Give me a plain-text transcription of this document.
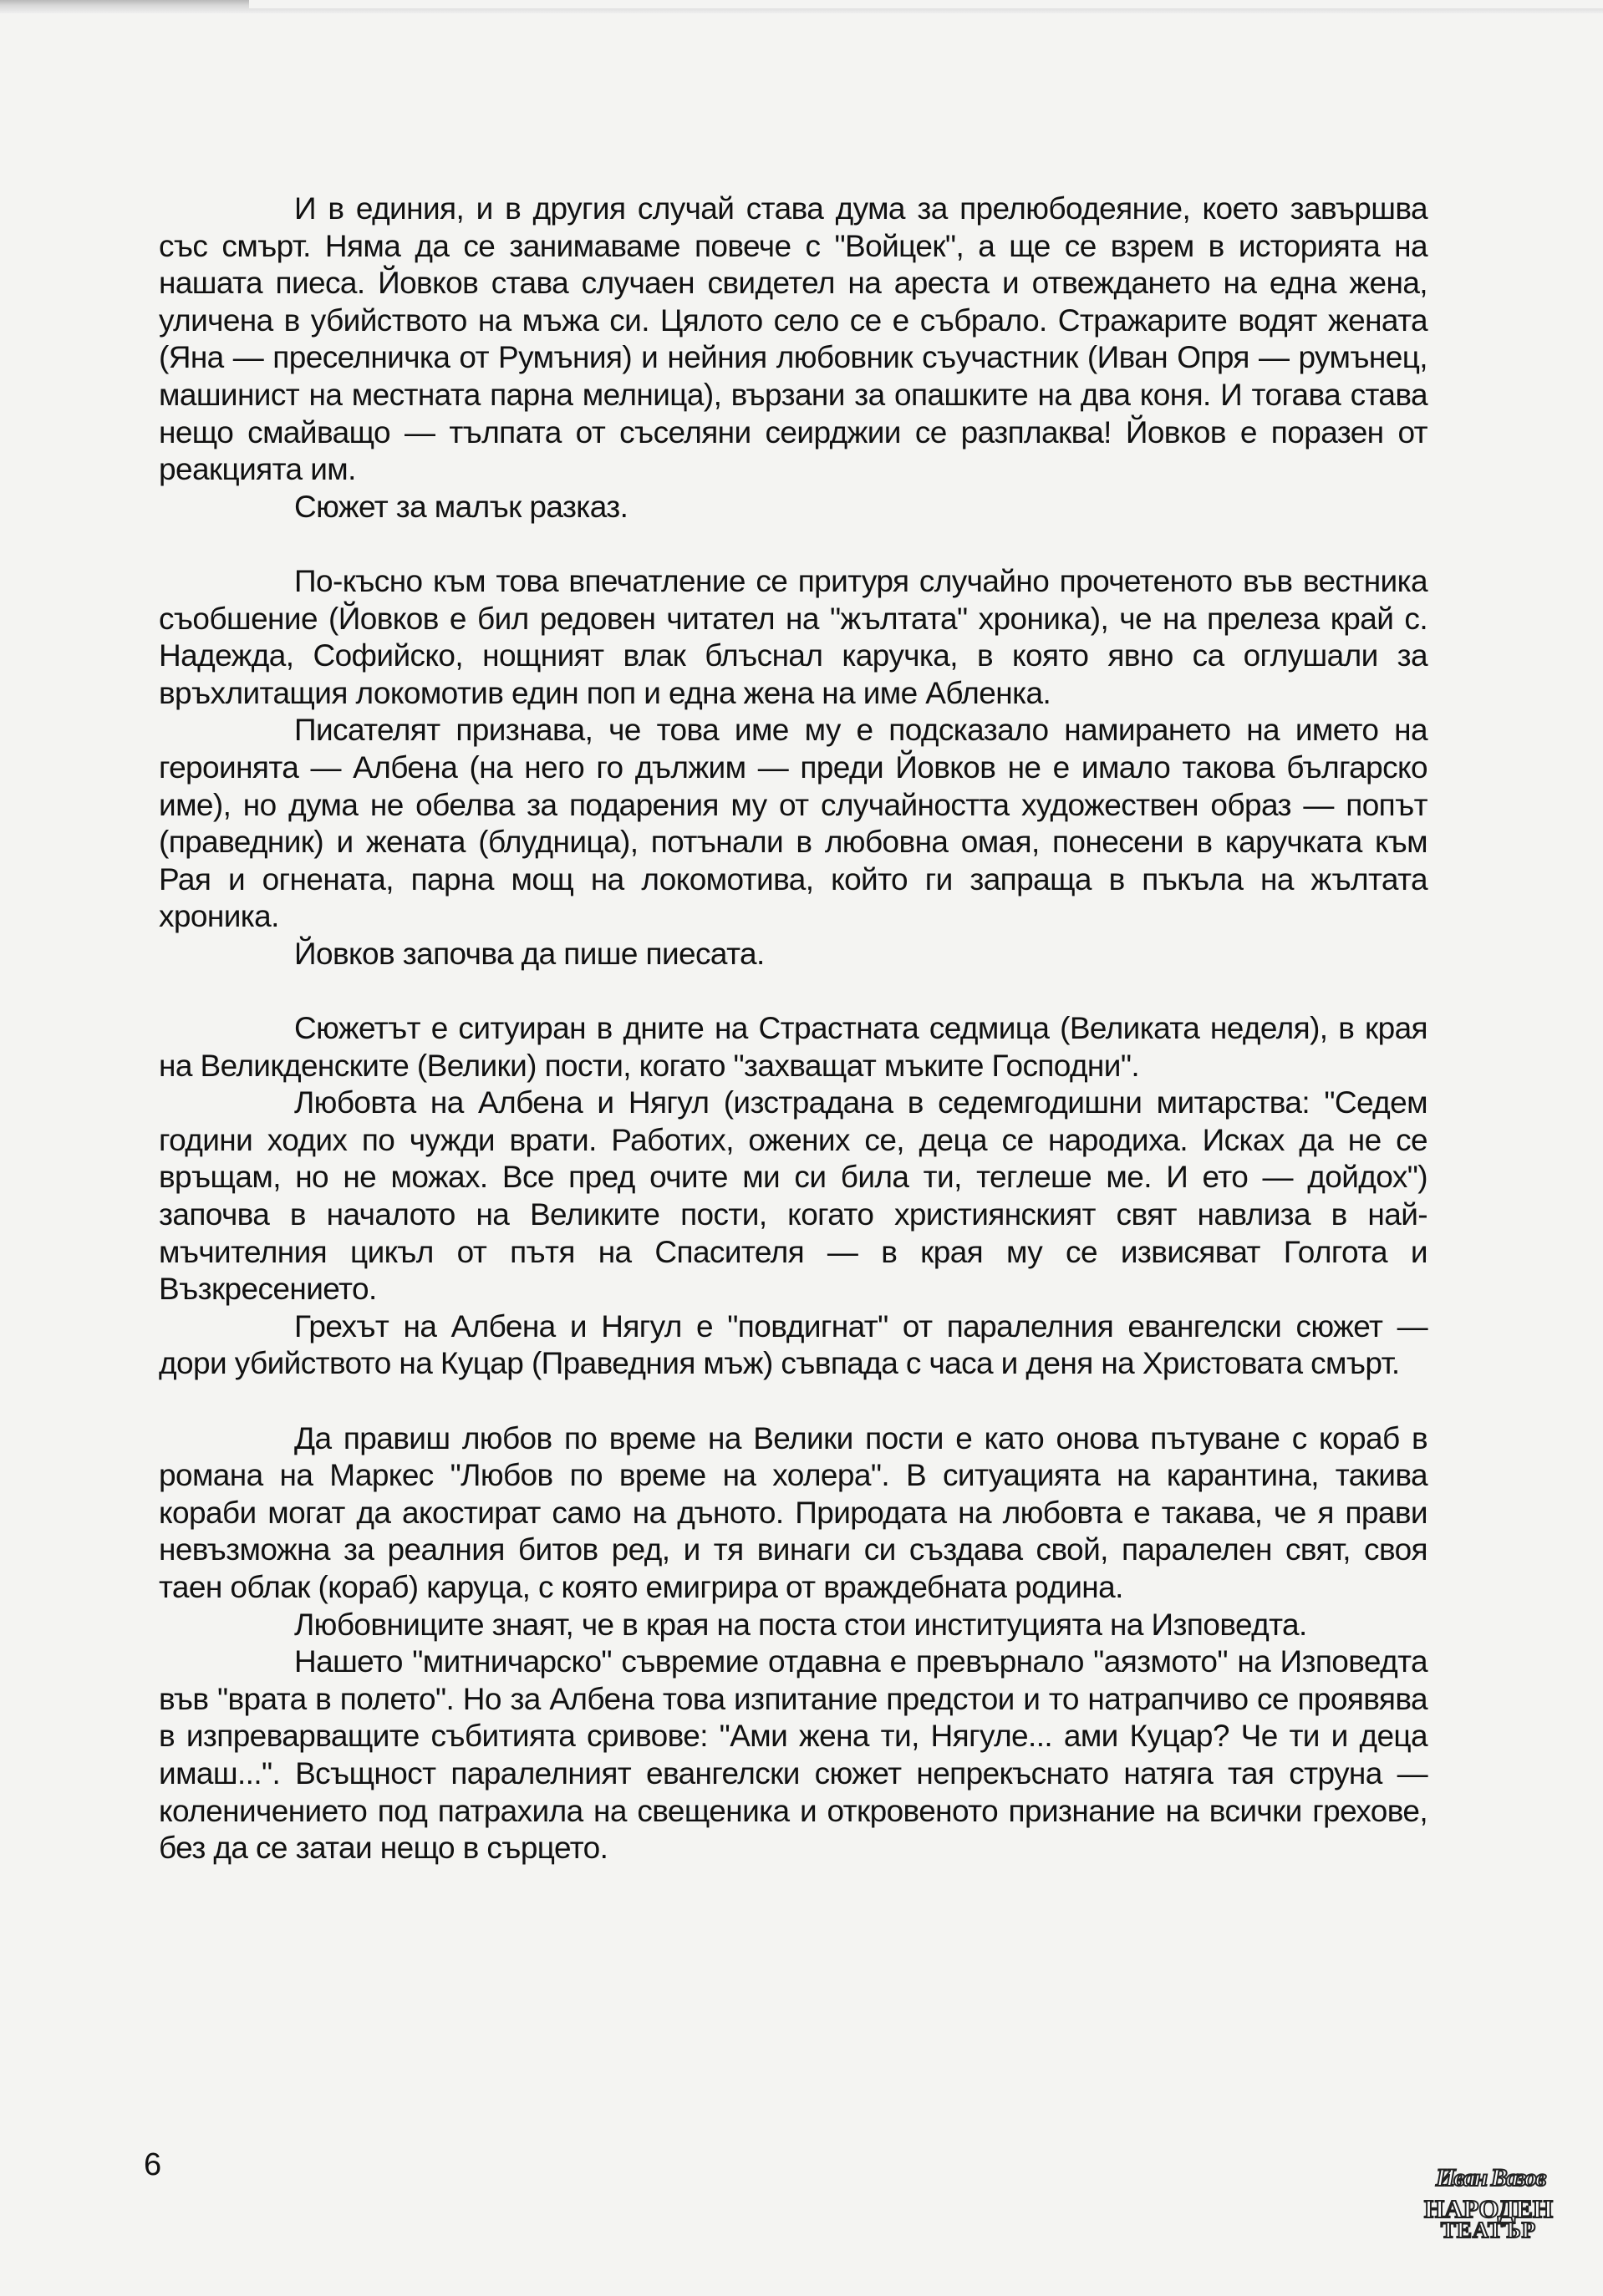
И в единия, и в другия случай става дума за прелюбодеяние, което завършва със смърт. Няма да се занимаваме повече с "Войцек", а ще се взрем в историята на нашата пиеса. Йовков става случаен свидетел на ареста и отвеждането на една жена, уличена в убийството на мъжа си. Цялото село се е събрало. Стражарите водят жената (Яна — преселничка от Румъния) и нейния любовник съучастник (Иван Опря — румънец, машинист на местната парна мелница), вързани за опашките на два коня. И тогава става нещо смайващо — тълпата от съселяни сеирджии се разплаква! Йовков е поразен от реакцията им.

Сюжет за малък разказ.

По-късно към това впечатление се притуря случайно прочетеното във вестника съобшение (Йовков е бил редовен читател на "жълтата" хроника), че на прелеза край с. Надежда, Софийско, нощният влак блъснал каручка, в която явно са оглушали за връхлитащия локомотив един поп и една жена на име Абленка.

Писателят признава, че това име му е подсказало намирането на името на героинята — Албена (на него го дължим — преди Йовков не е имало такова българско име), но дума не обелва за подарения му от случайността художествен образ — попът (праведник) и жената (блудница), потънали в любовна омая, понесени в каручката към Рая и огнената, парна мощ на локомотива, който ги запраща в пъкъла на жълтата хроника.

Йовков започва да пише пиесата.

Сюжетът е ситуиран в дните на Страстната седмица (Великата неделя), в края на Великденските (Велики) пости, когато "захващат мъките Господни".

Любовта на Албена и Нягул (изстрадана в седемгодишни митарства: "Седем години ходих по чужди врати. Работих, ожених се, деца се народиха. Исках да не се връщам, но не можах. Все пред очите ми си била ти, теглеше ме. И ето — дойдох") започва в началото на Великите пости, когато християнският свят навлиза в най-мъчителния цикъл от пътя на Спасителя — в края му се извисяват Голгота и Възкресението.

Грехът на Албена и Нягул е "повдигнат" от паралелния евангелски сюжет — дори убийството на Куцар (Праведния мъж) съвпада с часа и деня на Христовата смърт.

Да правиш любов по време на Велики пости е като онова пътуване с кораб в романа на Маркес "Любов по време на холера". В ситуацията на карантина, такива кораби могат да акостират само на дъното. Природата на любовта е такава, че я прави невъзможна за реалния битов ред, и тя винаги си създава свой, паралелен свят, своя таен облак (кораб) каруца, с която емигрира от враждебната родина.

Любовниците знаят, че в края на поста стои институцията на Изповедта.

Нашето "митничарско" съвремие отдавна е превърнало "аязмото" на Изповедта във "врата в полето". Но за Албена това изпитание предстои и то натрапчиво се проявява в изпреварващите събитията сривове: "Ами жена ти, Нягуле... ами Куцар? Че ти и деца имаш...". Всъщност паралелният евангелски сюжет непрекъснато натяга тая струна — коленичението под патрахила на свещеника и откровеното признание на всички грехове, без да се затаи нещо в сърцето.

6	Иван Вазов
НАРОДЕН
ТЕАТЪР
